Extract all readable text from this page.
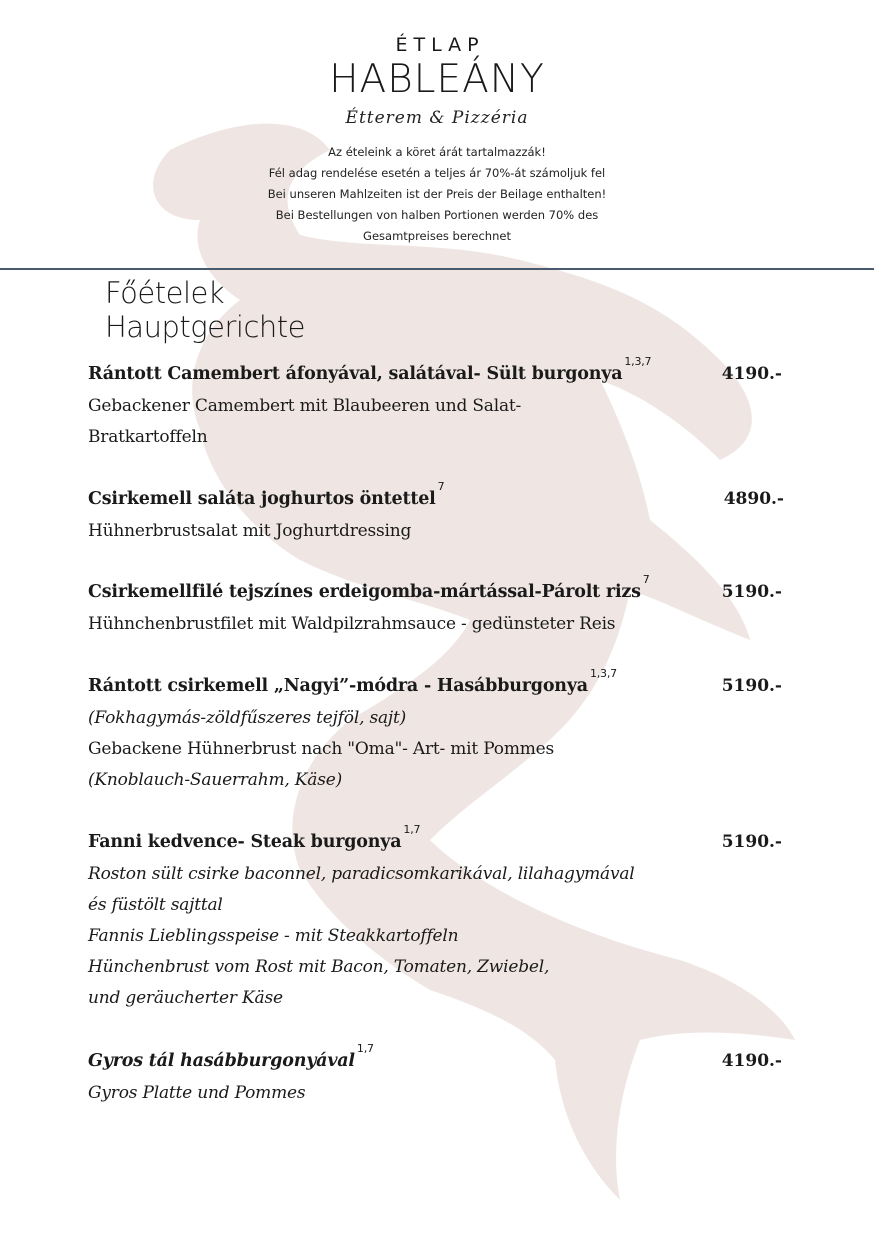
ÉTLAP
HABLEÁNY
Étterem & Pizzéria
Az ételeink a köret árát tartalmazzák!
Fél adag rendelése esetén a teljes ár 70%-át számoljuk fel
Bei unseren Mahlzeiten ist der Preis der Beilage enthalten!
Bei Bestellungen von halben Portionen werden 70% des
Gesamtpreises berechnet
Főételek
Hauptgerichte
Rántott Camembert áfonyával, salátával- Sült burgonya$^{1,3,7}$
4190.-
Gebackener Camembert mit Blaubeeren und Salat-
Bratkartoffeln
Csirkemell saláta joghurtos öntettel$^7$
4890.-
Hühnerbrustsalat mit Joghurtdressing
Csirkemellfilé tejszínes erdeigomba-mártással-Párolt rizs$^7$
5190.-
Hühnchenbrustfilet mit Waldpilzrahmsauce - gedünsteter Reis
Rántott csirkemell „Nagyi”-módra - Hasábburgonya$^{1,3,7}$
5190.-
(Fokhagymás-zöldfűszeres tejföl, sajt)
Gebackene Hühnerbrust nach "Oma"- Art- mit Pommes
(Knoblauch-Sauerrahm, Käse)
Fanni kedvence- Steak burgonya$^{1,7}$
5190.-
Roston sült csirke baconnel, paradicsomkarikával, lilahagymával
és füstölt sajttal
Fannis Lieblingsspeise - mit Steakkartoffeln
Hünchenbrust vom Rost mit Bacon, Tomaten, Zwiebel,
und geräucherter Käse
Gyros tál hasábburgonyával$^{1,7}$
4190.-
Gyros Platte und Pommes
